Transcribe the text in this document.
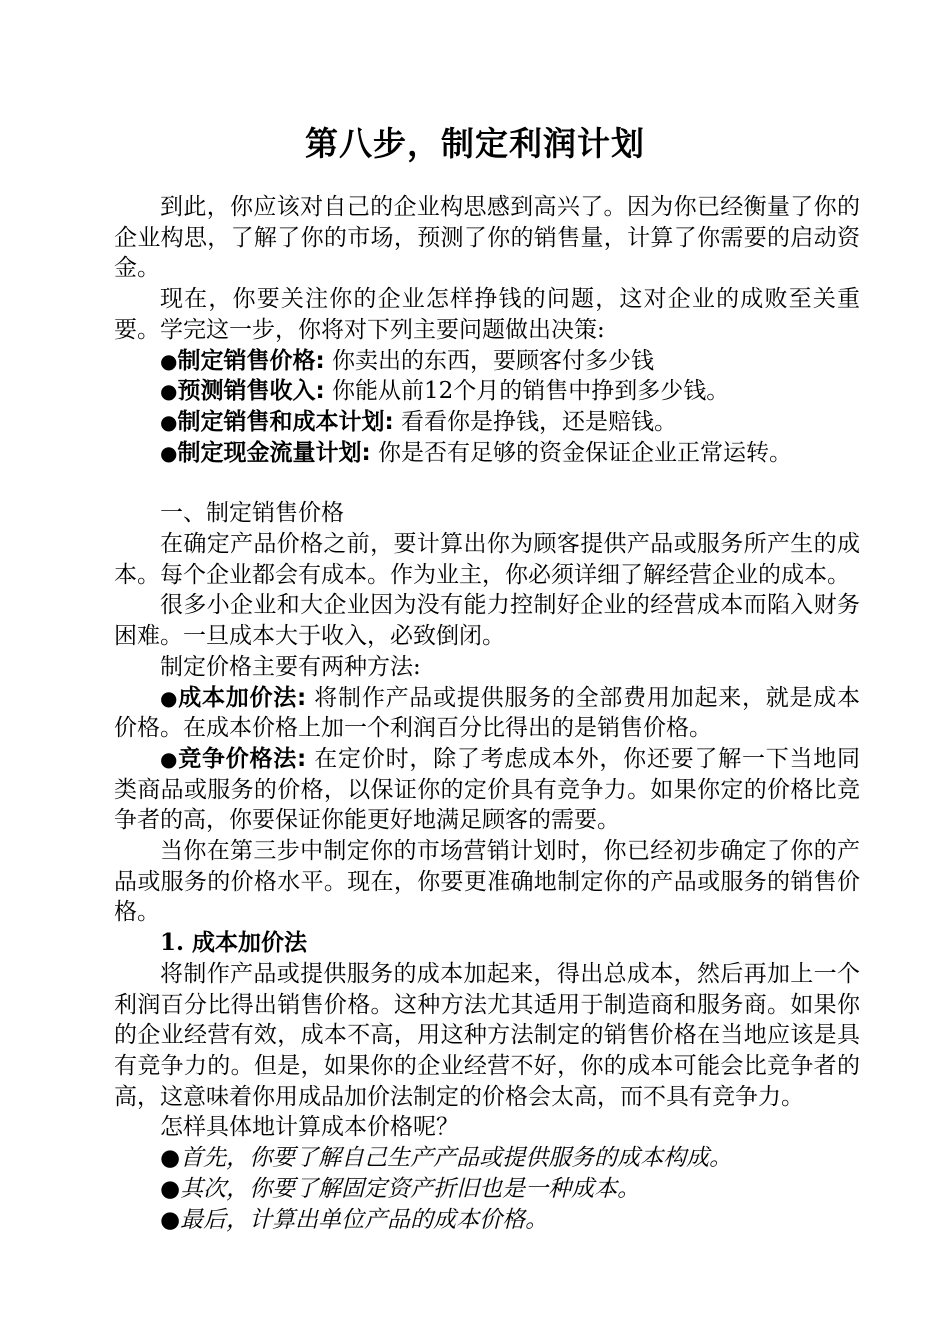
第八步，制定利润计划

到此，你应该对自己的企业构思感到高兴了。因为你已经衡量了你的企业构思，了解了你的市场，预测了你的销售量，计算了你需要的启动资金。

现在，你要关注你的企业怎样挣钱的问题，这对企业的成败至关重要。学完这一步，你将对下列主要问题做出决策:

●制定销售价格: 你卖出的东西，要顾客付多少钱

●预测销售收入: 你能从前12个月的销售中挣到多少钱。

●制定销售和成本计划: 看看你是挣钱，还是赔钱。

●制定现金流量计划: 你是否有足够的资金保证企业正常运转。

一、制定销售价格

在确定产品价格之前，要计算出你为顾客提供产品或服务所产生的成本。每个企业都会有成本。作为业主，你必须详细了解经营企业的成本。

很多小企业和大企业因为没有能力控制好企业的经营成本而陷入财务困难。一旦成本大于收入，必致倒闭。

制定价格主要有两种方法:

●成本加价法: 将制作产品或提供服务的全部费用加起来，就是成本价格。在成本价格上加一个利润百分比得出的是销售价格。

●竞争价格法: 在定价时，除了考虑成本外，你还要了解一下当地同类商品或服务的价格，以保证你的定价具有竞争力。如果你定的价格比竞争者的高，你要保证你能更好地满足顾客的需要。

当你在第三步中制定你的市场营销计划时，你已经初步确定了你的产品或服务的价格水平。现在，你要更准确地制定你的产品或服务的销售价格。

1. 成本加价法

将制作产品或提供服务的成本加起来，得出总成本，然后再加上一个利润百分比得出销售价格。这种方法尤其适用于制造商和服务商。如果你的企业经营有效，成本不高，用这种方法制定的销售价格在当地应该是具有竞争力的。但是，如果你的企业经营不好，你的成本可能会比竞争者的高，这意味着你用成品加价法制定的价格会太高，而不具有竞争力。

怎样具体地计算成本价格呢？

●首先，你要了解自己生产产品或提供服务的成本构成。

●其次，你要了解固定资产折旧也是一种成本。

●最后，计算出单位产品的成本价格。
